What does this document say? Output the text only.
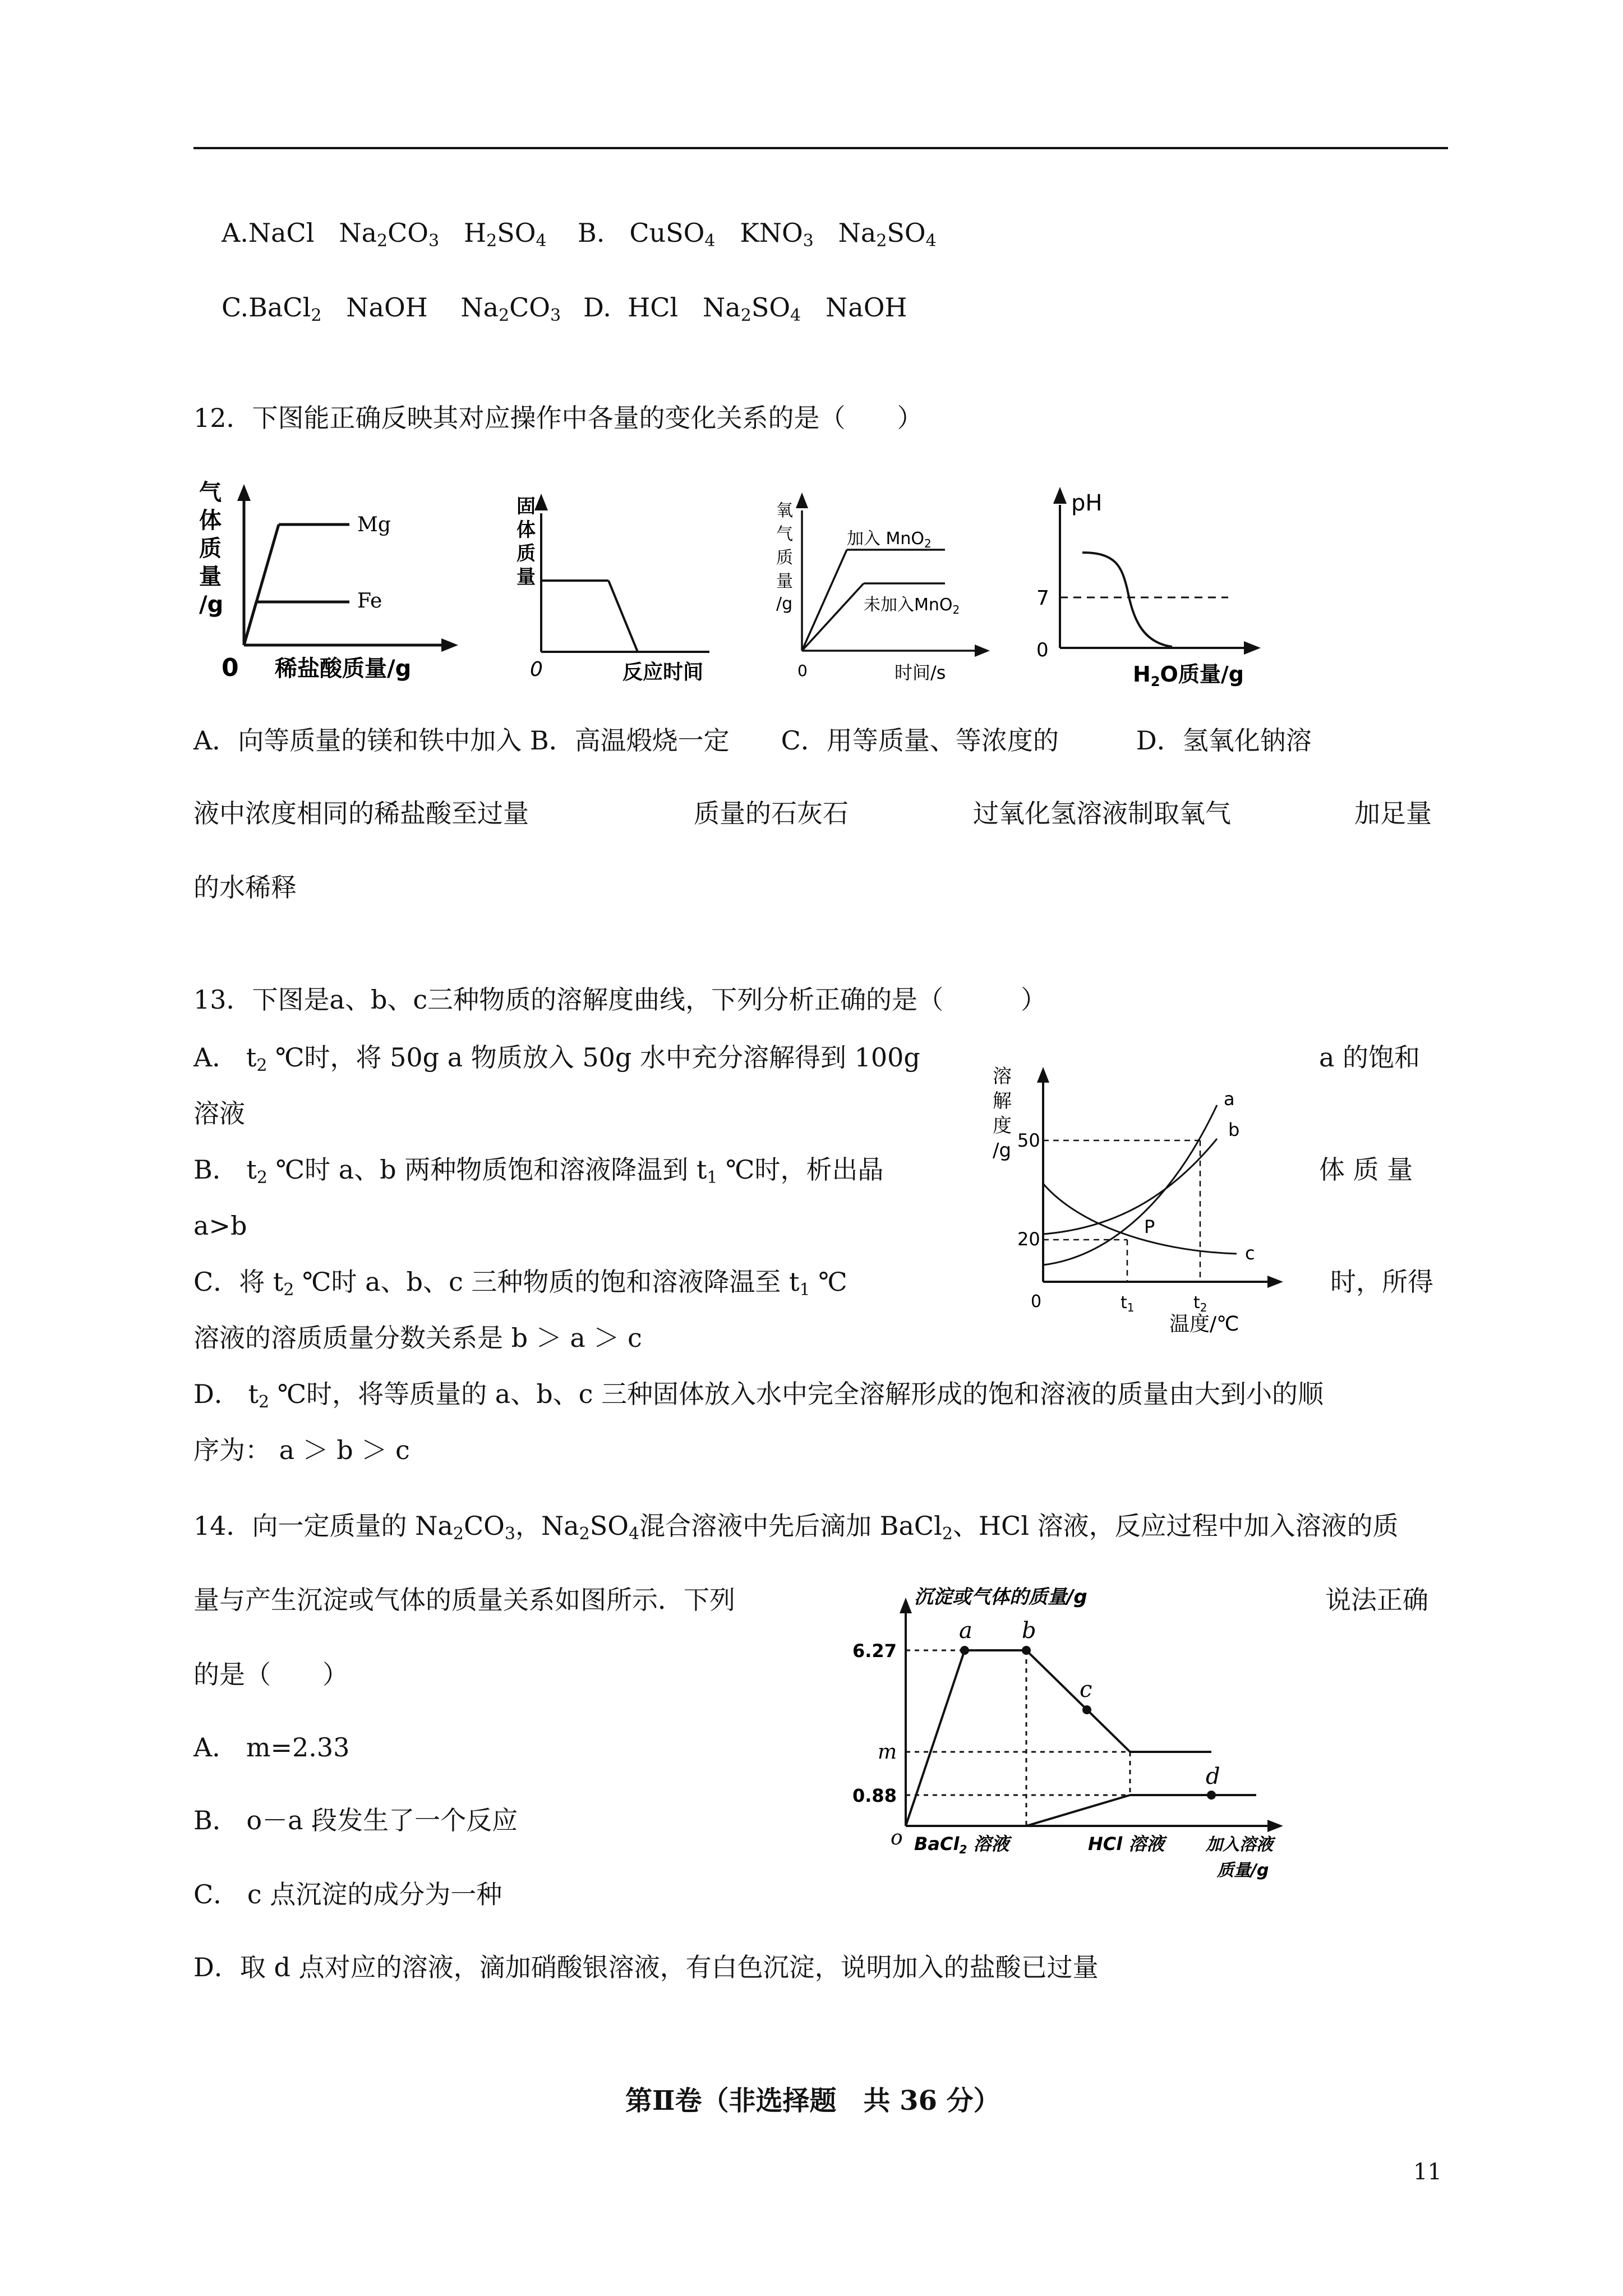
A.NaCl $Na_2CO_3$ $H_2SO_4$ B. CuSO$_4$ $KNO_3$ $Na_2SO_4$
C.BaCl$_2$ NaOH $Na_2CO_3$ D. HCl $Na_2SO_4$ NaOH
12．下图能正确反映其对应操作中各量的变化关系的是（　　）
气
体
质
量
/g
0 稀盐酸质量/g
Mg
Fe
固
体
质
量
0	反应时间
氧
气
质
量
/g
0	时间/s
加入 MnO$_2$
未加入MnO$_2$
pH
7
0
$H_2O$质量/g
A．向等质量的镁和铁中加入 B．高温煅烧一定　　C．用等质量、等浓度的　　　D．氢氧化钠溶
液中浓度相同的稀盐酸至过量	质量的石灰石	过氧化氢溶液制取氧气	加足量
的水稀释
13．下图是a、b、c三种物质的溶解度曲线，下列分析正确的是（　　　）
A． $t_2$ ℃时，将 50g a 物质放入 50g 水中充分溶解得到 100g	a 的饱和
溶液
B． $t_2$ ℃时 a、b 两种物质饱和溶液降温到 $t_1$ ℃时，析出晶	体 质 量
a>b
C．将 $t_2$ ℃时 a、b、c 三种物质的饱和溶液降温至 $t_1$ ℃	时，所得
溶液的溶质质量分数关系是 b ＞ a ＞ c
D． $t_2$ ℃时，将等质量的 a、b、c 三种固体放入水中完全溶解形成的饱和溶液的质量由大到小的顺
序为： a ＞ b ＞ c
溶
解
度
/g 50
20
0	$t_1$	$t_2$
温度/℃
a
b
c
P
14．向一定质量的 $Na_2CO_3$，$Na_2SO_4$混合溶液中先后滴加 BaCl$_2$、HCl 溶液，反应过程中加入溶液的质
量与产生沉淀或气体的质量关系如图所示．下列	说法正确
的是（　　）
A． m=2.33
B． o－a 段发生了一个反应
C． c 点沉淀的成分为一种
D．取 d 点对应的溶液，滴加硝酸银溶液，有白色沉淀，说明加入的盐酸已过量
沉淀或气体的质量/g
6.27
m
0.88
o
a b
c
d
BaCl2 溶液	HCl 溶液 加入溶液
质量/g
第Ⅱ卷（非选择题　共 36 分）
11
